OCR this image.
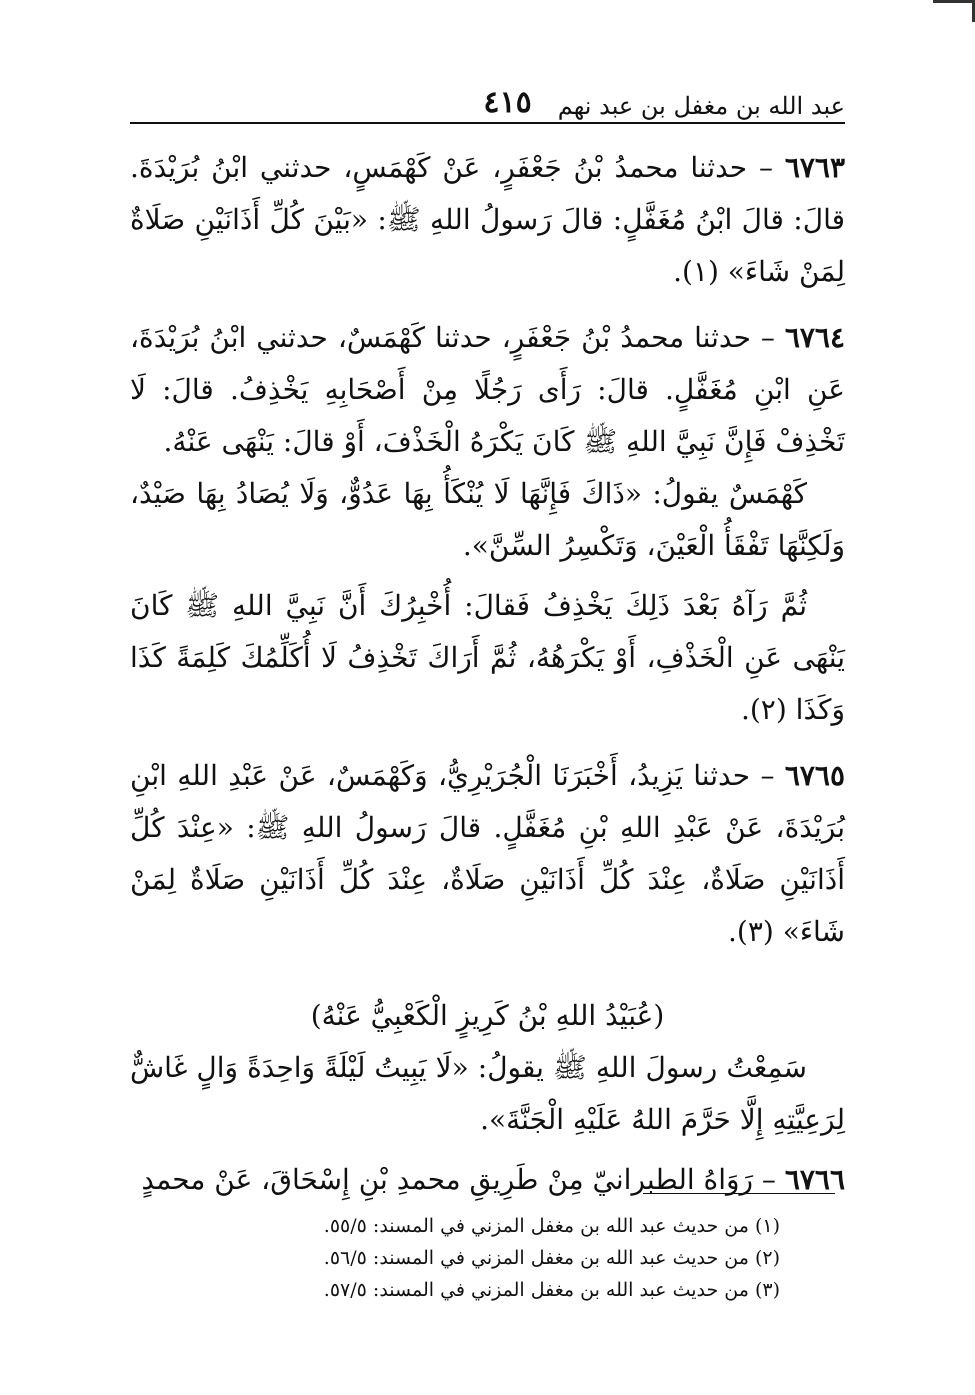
عبد الله بن مغفل بن عبد نهم
٤١٥

٦٧٦٣ – حدثنا محمدُ بْنُ جَعْفَرٍ، عَنْ كَهْمَسٍ، حدثني ابْنُ بُرَيْدَةَ. قالَ: قالَ ابْنُ مُغَفَّلٍ: قالَ رَسولُ اللهِ ﷺ: «بَيْنَ كُلِّ أَذَانَيْنِ صَلَاةٌ لِمَنْ شَاءَ» (١).

٦٧٦٤ – حدثنا محمدُ بْنُ جَعْفَرٍ، حدثنا كَهْمَسٌ، حدثني ابْنُ بُرَيْدَةَ، عَنِ ابْنِ مُغَفَّلٍ. قالَ: رَأَى رَجُلًا مِنْ أَصْحَابِهِ يَخْذِفُ. قالَ: لَا تَخْذِفْ فَإِنَّ نَبِيَّ اللهِ ﷺ كَانَ يَكْرَهُ الْخَذْفَ، أَوْ قالَ: يَنْهَى عَنْهُ.

كَهْمَسٌ يقولُ: «ذَاكَ فَإِنَّهَا لَا يُنْكَأُ بِهَا عَدُوٌّ، وَلَا يُصَادُ بِهَا صَيْدٌ، وَلَكِنَّهَا تَفْقَأُ الْعَيْنَ، وَتَكْسِرُ السِّنَّ».

ثُمَّ رَآهُ بَعْدَ ذَلِكَ يَخْذِفُ فَقالَ: أُخْبِرُكَ أَنَّ نَبِيَّ اللهِ ﷺ كَانَ يَنْهَى عَنِ الْخَذْفِ، أَوْ يَكْرَهُهُ، ثُمَّ أَرَاكَ تَخْذِفُ لَا أُكَلِّمُكَ كَلِمَةً كَذَا وَكَذَا (٢).

٦٧٦٥ – حدثنا يَزِيدُ، أَخْبَرَنَا الْجُرَيْرِيُّ، وَكَهْمَسٌ، عَنْ عَبْدِ اللهِ ابْنِ بُرَيْدَةَ، عَنْ عَبْدِ اللهِ بْنِ مُغَفَّلٍ. قالَ رَسولُ اللهِ ﷺ: «عِنْدَ كُلِّ أَذَانَيْنِ صَلَاةٌ، عِنْدَ كُلِّ أَذَانَيْنِ صَلَاةٌ، عِنْدَ كُلِّ أَذَانَيْنِ صَلَاةٌ لِمَنْ شَاءَ» (٣).

(عُبَيْدُ اللهِ بْنُ كَرِيزٍ الْكَعْبِيُّ عَنْهُ)

سَمِعْتُ رسولَ اللهِ ﷺ يقولُ: «لَا يَبِيتُ لَيْلَةً وَاحِدَةً وَالٍ غَاشٌّ لِرَعِيَّتِهِ إِلَّا حَرَّمَ اللهُ عَلَيْهِ الْجَنَّةَ».

٦٧٦٦ – رَوَاهُ الطبرانيّ مِنْ طَرِيقِ محمدِ بْنِ إِسْحَاقَ، عَنْ محمدٍ

(١) من حديث عبد الله بن مغفل المزني في المسند: ٥٥/٥.

(٢) من حديث عبد الله بن مغفل المزني في المسند: ٥٦/٥.

(٣) من حديث عبد الله بن مغفل المزني في المسند: ٥٧/٥.
